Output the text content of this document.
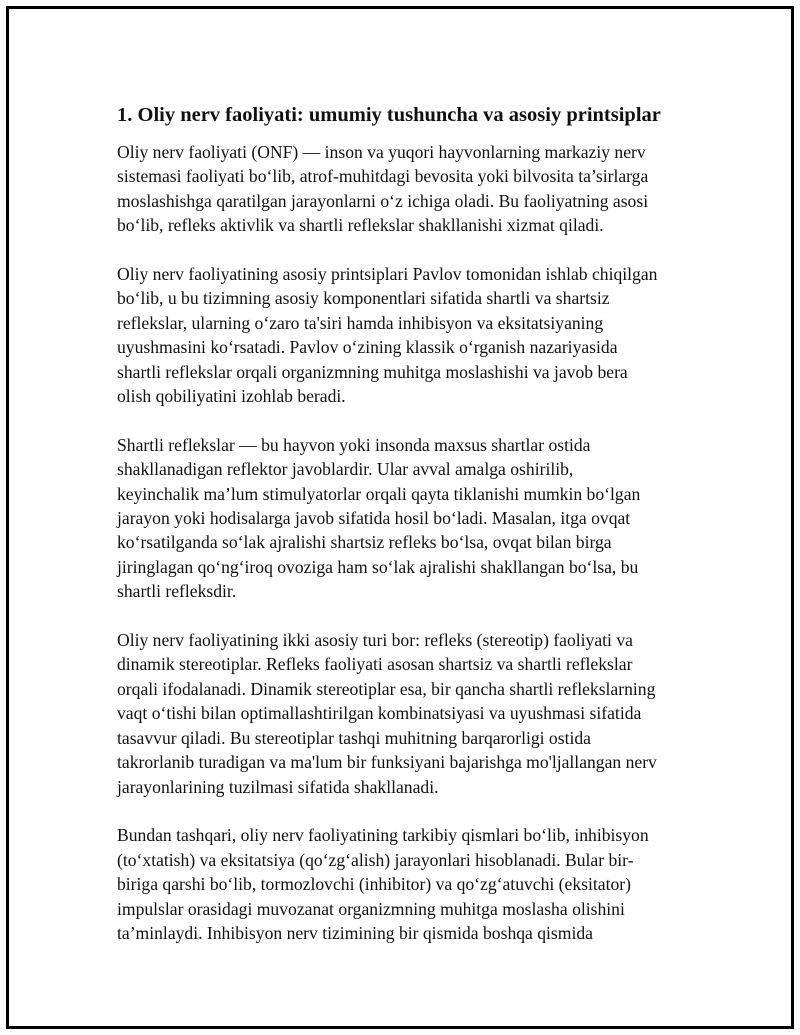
1. Oliy nerv faoliyati: umumiy tushuncha va asosiy printsiplar

Oliy nerv faoliyati (ONF) — inson va yuqori hayvonlarning markaziy nerv
sistemasi faoliyati bo‘lib, atrof-muhitdagi bevosita yoki bilvosita ta’sirlarga
moslashishga qaratilgan jarayonlarni o‘z ichiga oladi. Bu faoliyatning asosi
bo‘lib, refleks aktivlik va shartli reflekslar shakllanishi xizmat qiladi.

Oliy nerv faoliyatining asosiy printsiplari Pavlov tomonidan ishlab chiqilgan
bo‘lib, u bu tizimning asosiy komponentlari sifatida shartli va shartsiz
reflekslar, ularning o‘zaro ta'siri hamda inhibisyon va eksitatsiyaning
uyushmasini ko‘rsatadi. Pavlov o‘zining klassik o‘rganish nazariyasida
shartli reflekslar orqali organizmning muhitga moslashishi va javob bera
olish qobiliyatini izohlab beradi.

Shartli reflekslar — bu hayvon yoki insonda maxsus shartlar ostida
shakllanadigan reflektor javoblardir. Ular avval amalga oshirilib,
keyinchalik ma’lum stimulyatorlar orqali qayta tiklanishi mumkin bo‘lgan
jarayon yoki hodisalarga javob sifatida hosil bo‘ladi. Masalan, itga ovqat
ko‘rsatilganda so‘lak ajralishi shartsiz refleks bo‘lsa, ovqat bilan birga
jiringlagan qo‘ng‘iroq ovoziga ham so‘lak ajralishi shakllangan bo‘lsa, bu
shartli refleksdir.

Oliy nerv faoliyatining ikki asosiy turi bor: refleks (stereotip) faoliyati va
dinamik stereotiplar. Refleks faoliyati asosan shartsiz va shartli reflekslar
orqali ifodalanadi. Dinamik stereotiplar esa, bir qancha shartli reflekslarning
vaqt o‘tishi bilan optimallashtirilgan kombinatsiyasi va uyushmasi sifatida
tasavvur qiladi. Bu stereotiplar tashqi muhitning barqarorligi ostida
takrorlanib turadigan va ma'lum bir funksiyani bajarishga mo'ljallangan nerv
jarayonlarining tuzilmasi sifatida shakllanadi.

Bundan tashqari, oliy nerv faoliyatining tarkibiy qismlari bo‘lib, inhibisyon
(to‘xtatish) va eksitatsiya (qo‘zg‘alish) jarayonlari hisoblanadi. Bular bir-
biriga qarshi bo‘lib, tormozlovchi (inhibitor) va qo‘zg‘atuvchi (eksitator)
impulslar orasidagi muvozanat organizmning muhitga moslasha olishini
ta’minlaydi. Inhibisyon nerv tizimining bir qismida boshqa qismida
